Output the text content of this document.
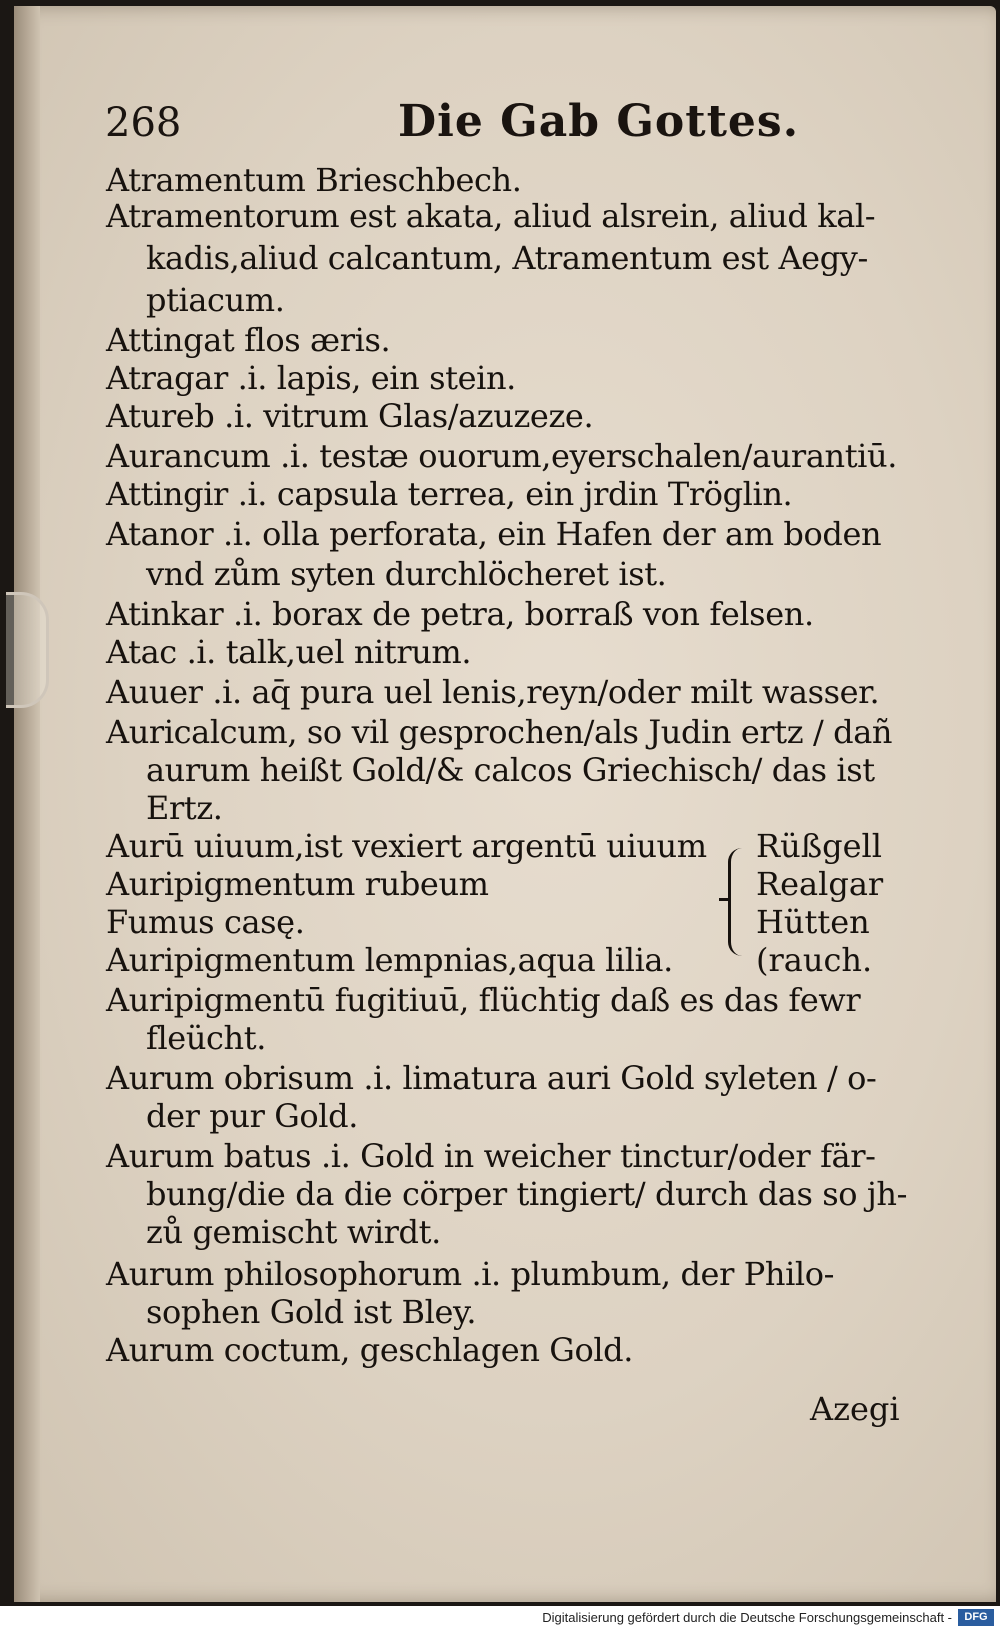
268	Die Gab Gottes.
Atramentum Brieschbech.
Atramentorum est akata, aliud alsrein, aliud kal-
kadis,aliud calcantum, Atramentum est Aegy-
ptiacum.
Attingat flos æris.
Atragar .i. lapis, ein stein.
Atureb .i. vitrum Glas/azuzeze.
Aurancum .i. testæ ouorum,eyerschalen/aurantiū.
Attingir .i. capsula terrea, ein jrdin Tröglin.
Atanor .i. olla perforata, ein Hafen der am boden
vnd zům syten durchlöcheret ist.
Atinkar .i. borax de petra, borraß von felsen.
Atac .i. talk,uel nitrum.
Auuer .i. aq̄ pura uel lenis,reyn/oder milt wasser.
Auricalcum, so vil gesprochen/als Judin ertz / dañ
aurum heißt Gold/& calcos Griechisch/ das ist
Ertz.
Aurū uiuum,ist vexiert argentū uiuum
Auripigmentum rubeum
Fumus casę.
Auripigmentum lempnias,aqua lilia.
Auripigmentū fugitiuū, flüchtig daß es das fewr
fleücht.
Aurum obrisum .i. limatura auri Gold syleten / o-
der pur Gold.
Aurum batus .i. Gold in weicher tinctur/oder fär-
bung/die da die cörper tingiert/ durch das so jh-
zů gemischt wirdt.
Aurum philosophorum .i. plumbum, der Philo-
sophen Gold ist Bley.
Aurum coctum, geschlagen Gold.
Rüßgell
Realgar
Hütten
(rauch.
Azegi
Digitalisierung gefördert durch die Deutsche Forschungsgemeinschaft -	DFG
